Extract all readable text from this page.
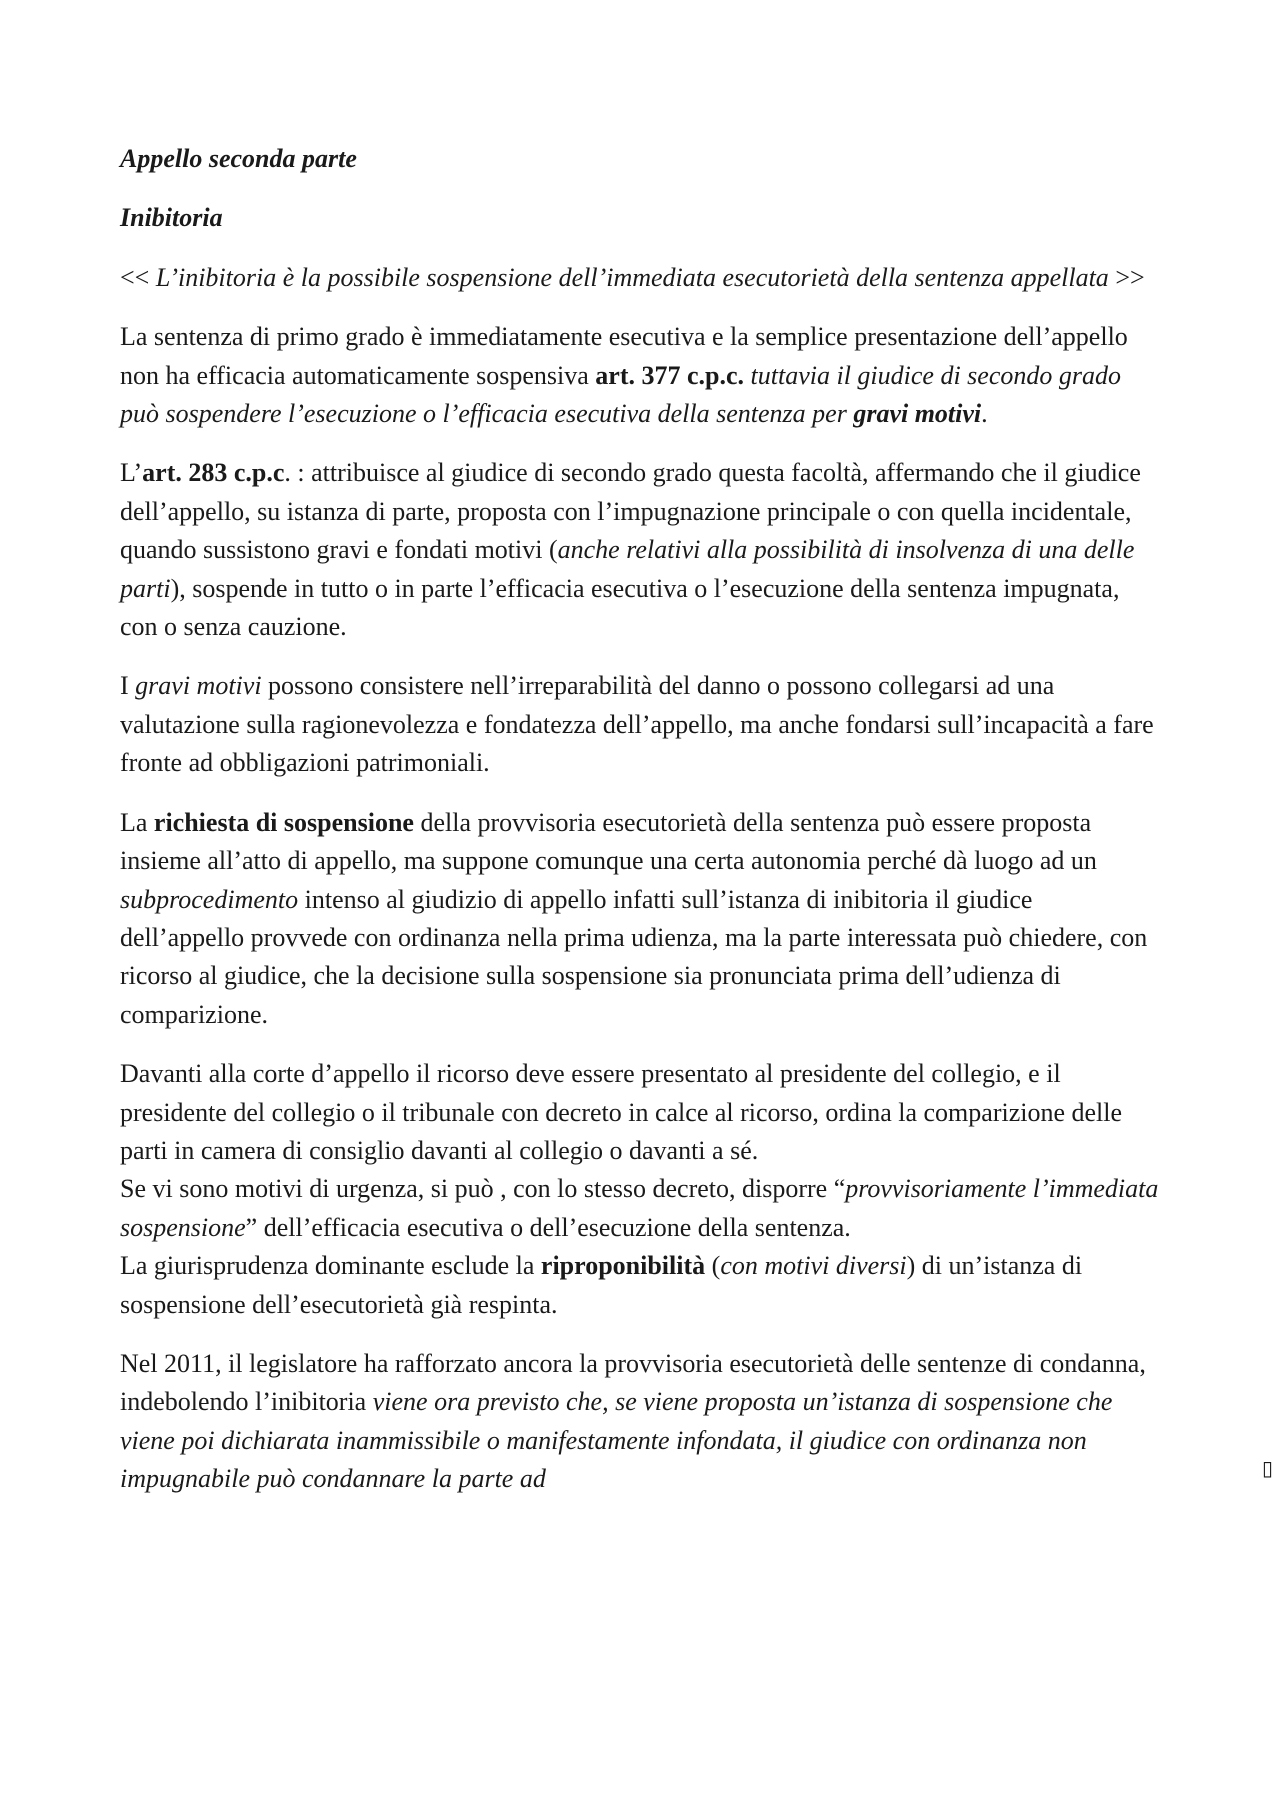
Appello seconda parte

Inibitoria

<< L’inibitoria è la possibile sospensione dell’immediata esecutorietà della sentenza appellata >>

La sentenza di primo grado è immediatamente esecutiva e la semplice presentazione dell’appello non ha efficacia automaticamente sospensiva art. 377 c.p.c. tuttavia il giudice di secondo grado può sospendere l’esecuzione o l’efficacia esecutiva della sentenza per gravi motivi.

L’art. 283 c.p.c. : attribuisce al giudice di secondo grado questa facoltà, affermando che il giudice dell’appello, su istanza di parte, proposta con l’impugnazione principale o con quella incidentale, quando sussistono gravi e fondati motivi (anche relativi alla possibilità di insolvenza di una delle parti), sospende in tutto o in parte l’efficacia esecutiva o l’esecuzione della sentenza impugnata, con o senza cauzione.

I gravi motivi possono consistere nell’irreparabilità del danno o possono collegarsi ad una valutazione sulla ragionevolezza e fondatezza dell’appello, ma anche fondarsi sull’incapacità a fare fronte ad obbligazioni patrimoniali.

La richiesta di sospensione della provvisoria esecutorietà della sentenza può essere proposta insieme all’atto di appello, ma suppone comunque una certa autonomia perché dà luogo ad un subprocedimento intenso al giudizio di appello infatti sull’istanza di inibitoria il giudice dell’appello provvede con ordinanza nella prima udienza, ma la parte interessata può chiedere, con ricorso al giudice, che la decisione sulla sospensione sia pronunciata prima dell’udienza di comparizione.

Davanti alla corte d’appello il ricorso deve essere presentato al presidente del collegio, e il presidente del collegio o il tribunale con decreto in calce al ricorso, ordina la comparizione delle parti in camera di consiglio davanti al collegio o davanti a sé.

Se vi sono motivi di urgenza, si può , con lo stesso decreto, disporre “provvisoriamente l’immediata sospensione” dell’efficacia esecutiva o dell’esecuzione della sentenza.

La giurisprudenza dominante esclude la riproponibilità (con motivi diversi) di un’istanza di sospensione dell’esecutorietà già respinta.

Nel 2011, il legislatore ha rafforzato ancora la provvisoria esecutorietà delle sentenze di condanna, indebolendo l’inibitoria viene ora previsto che, se viene proposta un’istanza di sospensione che viene poi dichiarata inammissibile o manifestamente infondata, il giudice con ordinanza non impugnabile può condannare la parte ad	▯
